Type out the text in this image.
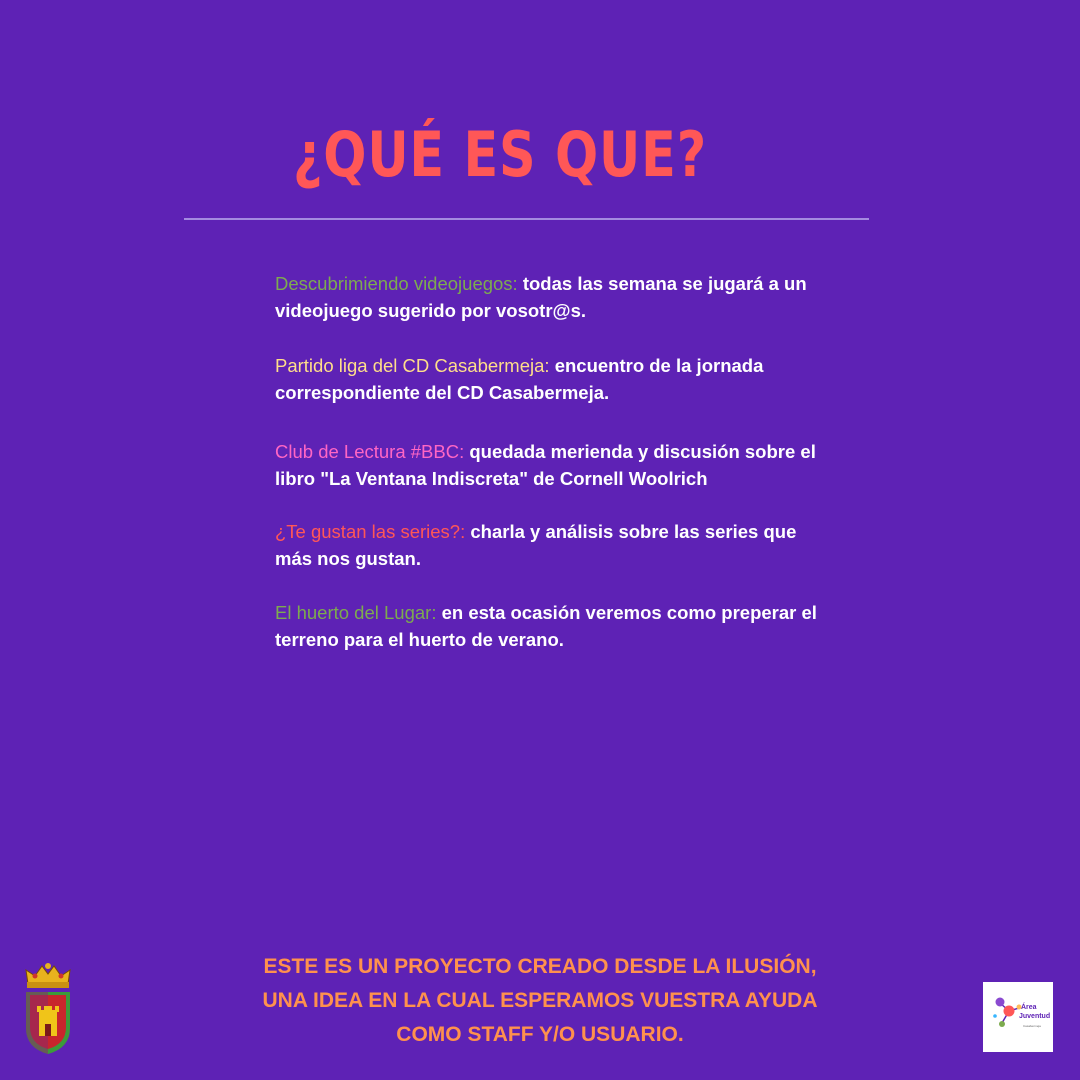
¿QUÉ ES QUE?
Descubrimiendo videojuegos: todas las semana se jugará a un videojuego sugerido por vosotr@s.
Partido liga del CD Casabermeja: encuentro de la jornada correspondiente del CD Casabermeja.
Club de Lectura #BBC: quedada merienda y discusión sobre el libro "La Ventana Indiscreta" de Cornell Woolrich
¿Te gustan las series?: charla y análisis sobre las series que más nos gustan.
El huerto del Lugar: en esta ocasión veremos como preperar el terreno para el huerto de verano.
ESTE ES UN PROYECTO CREADO DESDE LA ILUSIÓN,
UNA IDEA EN LA CUAL ESPERAMOS VUESTRA AYUDA
COMO STAFF Y/O USUARIO.
Área
Juventud
Casabermeja
